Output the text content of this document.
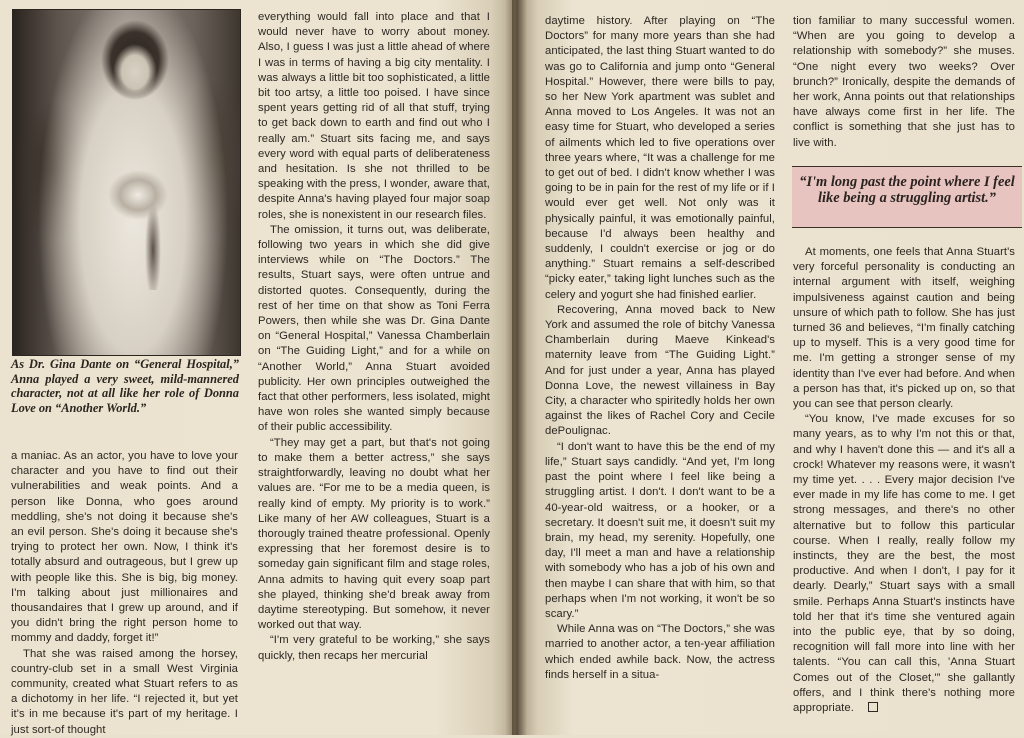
As Dr. Gina Dante on “General Hospital,” Anna played a very sweet, mild-mannered character, not at all like her role of Donna Love on “Another World.”

a maniac. As an actor, you have to love your character and you have to find out their vulnerabilities and weak points. And a person like Donna, who goes around meddling, she's not doing it because she's an evil person. She's doing it because she's trying to protect her own. Now, I think it's totally absurd and outrageous, but I grew up with people like this. She is big, big money. I'm talking about just millionaires and thousandaires that I grew up around, and if you didn't bring the right person home to mommy and daddy, forget it!”

That she was raised among the horsey, country-club set in a small West Virginia community, created what Stuart refers to as a dichotomy in her life. “I rejected it, but yet it's in me because it's part of my heritage. I just sort-of thought

everything would fall into place and that I would never have to worry about money. Also, I guess I was just a little ahead of where I was in terms of having a big city mentality. I was always a little bit too sophisticated, a little bit too artsy, a little too poised. I have since spent years getting rid of all that stuff, trying to get back down to earth and find out who I really am.” Stuart sits facing me, and says every word with equal parts of deliberateness and hesitation. Is she not thrilled to be speaking with the press, I wonder, aware that, despite Anna's having played four major soap roles, she is nonexistent in our research files.

The omission, it turns out, was deliberate, following two years in which she did give interviews while on “The Doctors.” The results, Stuart says, were often untrue and distorted quotes. Consequently, during the rest of her time on that show as Toni Ferra Powers, then while she was Dr. Gina Dante on “General Hospital,” Vanessa Chamberlain on “The Guiding Light,” and for a while on “Another World,” Anna Stuart avoided publicity. Her own principles outweighed the fact that other performers, less isolated, might have won roles she wanted simply because of their public accessibility.

“They may get a part, but that's not going to make them a better actress,” she says straightforwardly, leaving no doubt what her values are. “For me to be a media queen, is really kind of empty. My priority is to work.” Like many of her AW colleagues, Stuart is a thorougly trained theatre professional. Openly expressing that her foremost desire is to someday gain significant film and stage roles, Anna admits to having quit every soap part she played, thinking she'd break away from daytime stereotyping. But somehow, it never worked out that way.

“I'm very grateful to be working,” she says quickly, then recaps her mercurial

daytime history. After playing on “The Doctors” for many more years than she had anticipated, the last thing Stuart wanted to do was go to California and jump onto “General Hospital.” However, there were bills to pay, so her New York apartment was sublet and Anna moved to Los Angeles. It was not an easy time for Stuart, who developed a series of ailments which led to five operations over three years where, “It was a challenge for me to get out of bed. I didn't know whether I was going to be in pain for the rest of my life or if I would ever get well. Not only was it physically painful, it was emotionally painful, because I'd always been healthy and suddenly, I couldn't exercise or jog or do anything.” Stuart remains a self-described “picky eater,” taking light lunches such as the celery and yogurt she had finished earlier.

Recovering, Anna moved back to New York and assumed the role of bitchy Vanessa Chamberlain during Maeve Kinkead's maternity leave from “The Guiding Light.” And for just under a year, Anna has played Donna Love, the newest villainess in Bay City, a character who spiritedly holds her own against the likes of Rachel Cory and Cecile dePoulignac.

“I don't want to have this be the end of my life,” Stuart says candidly. “And yet, I'm long past the point where I feel like being a struggling artist. I don't. I don't want to be a 40-year-old waitress, or a hooker, or a secretary. It doesn't suit me, it doesn't suit my brain, my head, my serenity. Hopefully, one day, I'll meet a man and have a relationship with somebody who has a job of his own and then maybe I can share that with him, so that perhaps when I'm not working, it won't be so scary.”

While Anna was on “The Doctors,” she was married to another actor, a ten-year affiliation which ended awhile back. Now, the actress finds herself in a situa-

tion familiar to many successful women. “When are you going to develop a relationship with somebody?” she muses. “One night every two weeks? Over brunch?” Ironically, despite the demands of her work, Anna points out that relationships have always come first in her life. The conflict is something that she just has to live with.

“I'm long past the point where I feel like being a struggling artist.”

At moments, one feels that Anna Stuart's very forceful personality is conducting an internal argument with itself, weighing impulsiveness against caution and being unsure of which path to follow. She has just turned 36 and believes, “I'm finally catching up to myself. This is a very good time for me. I'm getting a stronger sense of my identity than I've ever had before. And when a person has that, it's picked up on, so that you can see that person clearly.

“You know, I've made excuses for so many years, as to why I'm not this or that, and why I haven't done this — and it's all a crock! Whatever my reasons were, it wasn't my time yet. . . . Every major decision I've ever made in my life has come to me. I get strong messages, and there's no other alternative but to follow this particular course. When I really, really follow my instincts, they are the best, the most productive. And when I don't, I pay for it dearly. Dearly,” Stuart says with a small smile. Perhaps Anna Stuart's instincts have told her that it's time she ventured again into the public eye, that by so doing, recognition will fall more into line with her talents. “You can call this, 'Anna Stuart Comes out of the Closet,'” she gallantly offers, and I think there's nothing more appropriate.
